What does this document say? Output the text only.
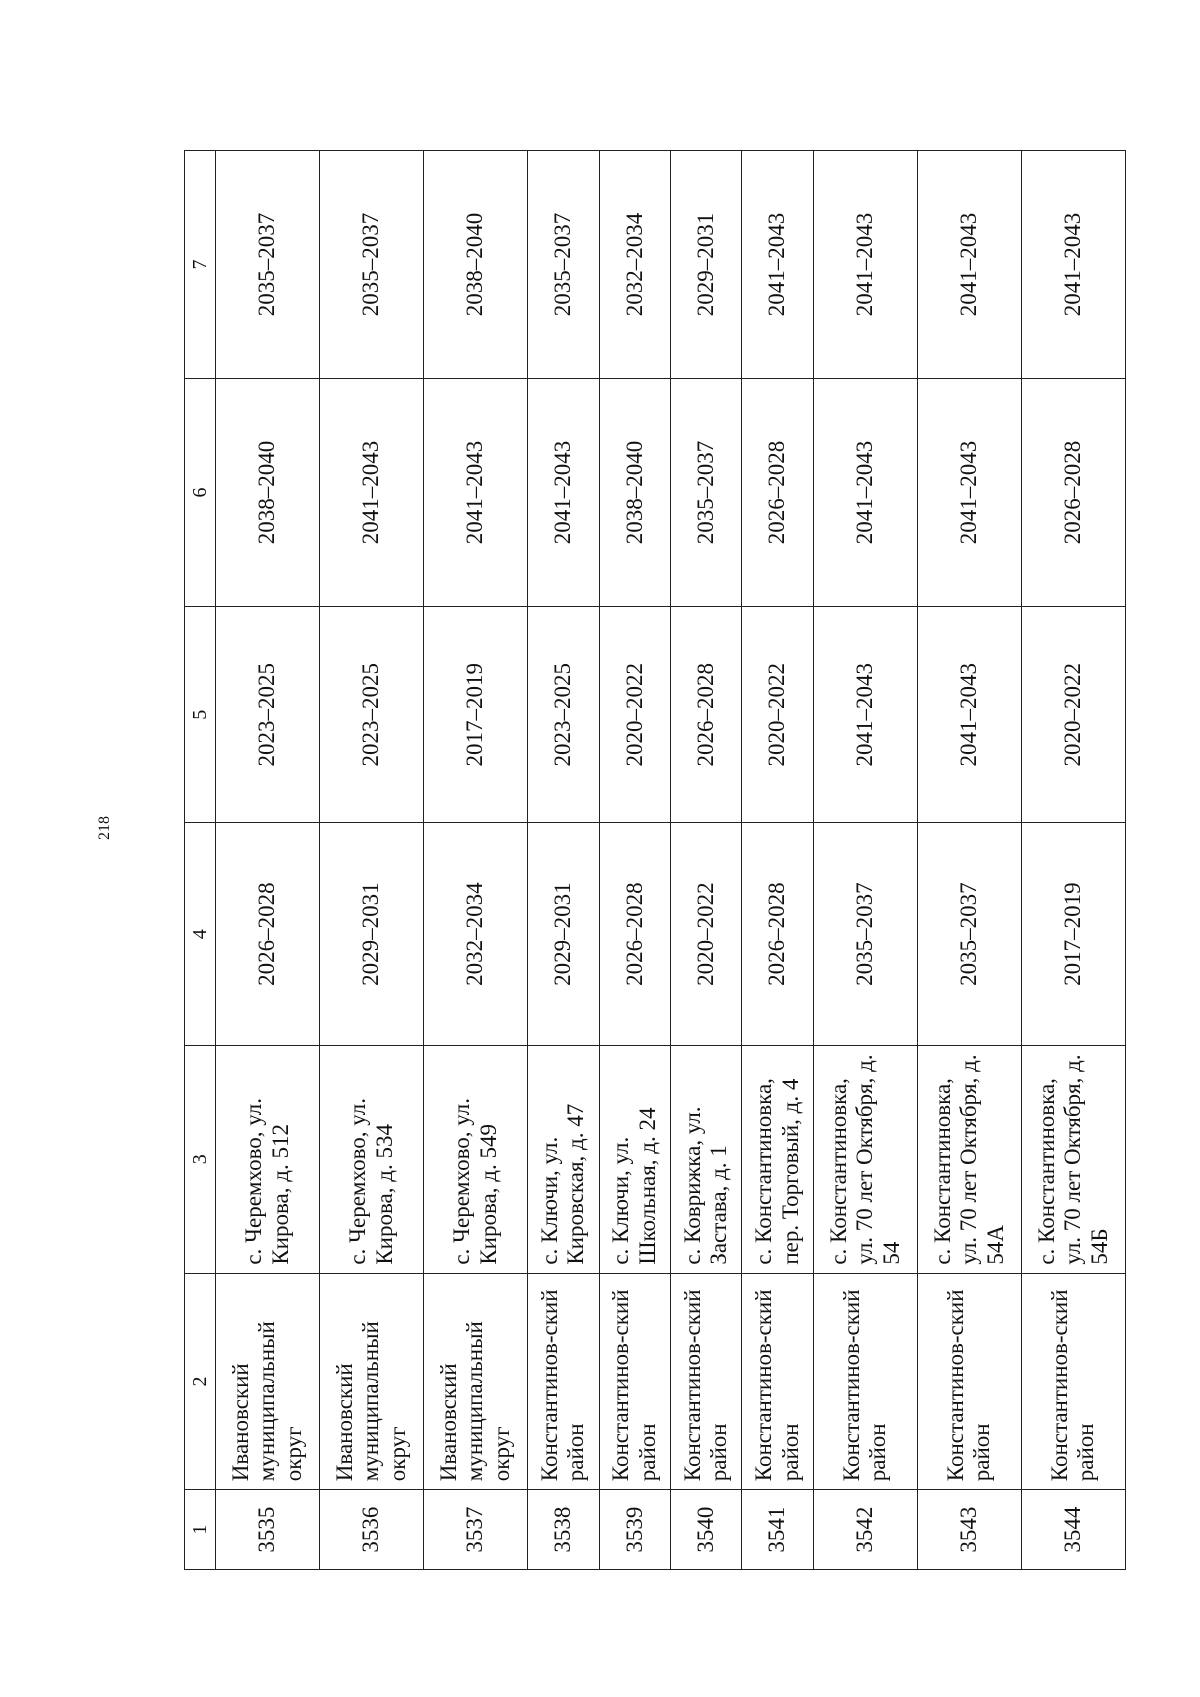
218
1	2	3	4	5	6	7
3535	Ивановский муниципальный округ	с. Черемхово, ул. Кирова, д. 512	2026–2028	2023–2025	2038–2040	2035–2037
3536	Ивановский муниципальный округ	с. Черемхово, ул. Кирова, д. 534	2029–2031	2023–2025	2041–2043	2035–2037
3537	Ивановский муниципальный округ	с. Черемхово, ул. Кирова, д. 549	2032–2034	2017–2019	2041–2043	2038–2040
3538	Константинов-ский район	с. Ключи, ул. Кировская, д. 47	2029–2031	2023–2025	2041–2043	2035–2037
3539	Константинов-ский район	с. Ключи, ул. Школьная, д. 24	2026–2028	2020–2022	2038–2040	2032–2034
3540	Константинов-ский район	с. Коврижка, ул. Застава, д. 1	2020–2022	2026–2028	2035–2037	2029–2031
3541	Константинов-ский район	с. Константиновка, пер. Торговый, д. 4	2026–2028	2020–2022	2026–2028	2041–2043
3542	Константинов-ский район	с. Константиновка, ул. 70 лет Октября, д. 54	2035–2037	2041–2043	2041–2043	2041–2043
3543	Константинов-ский район	с. Константиновка, ул. 70 лет Октября, д. 54А	2035–2037	2041–2043	2041–2043	2041–2043
3544	Константинов-ский район	с. Константиновка, ул. 70 лет Октября, д. 54Б	2017–2019	2020–2022	2026–2028	2041–2043
